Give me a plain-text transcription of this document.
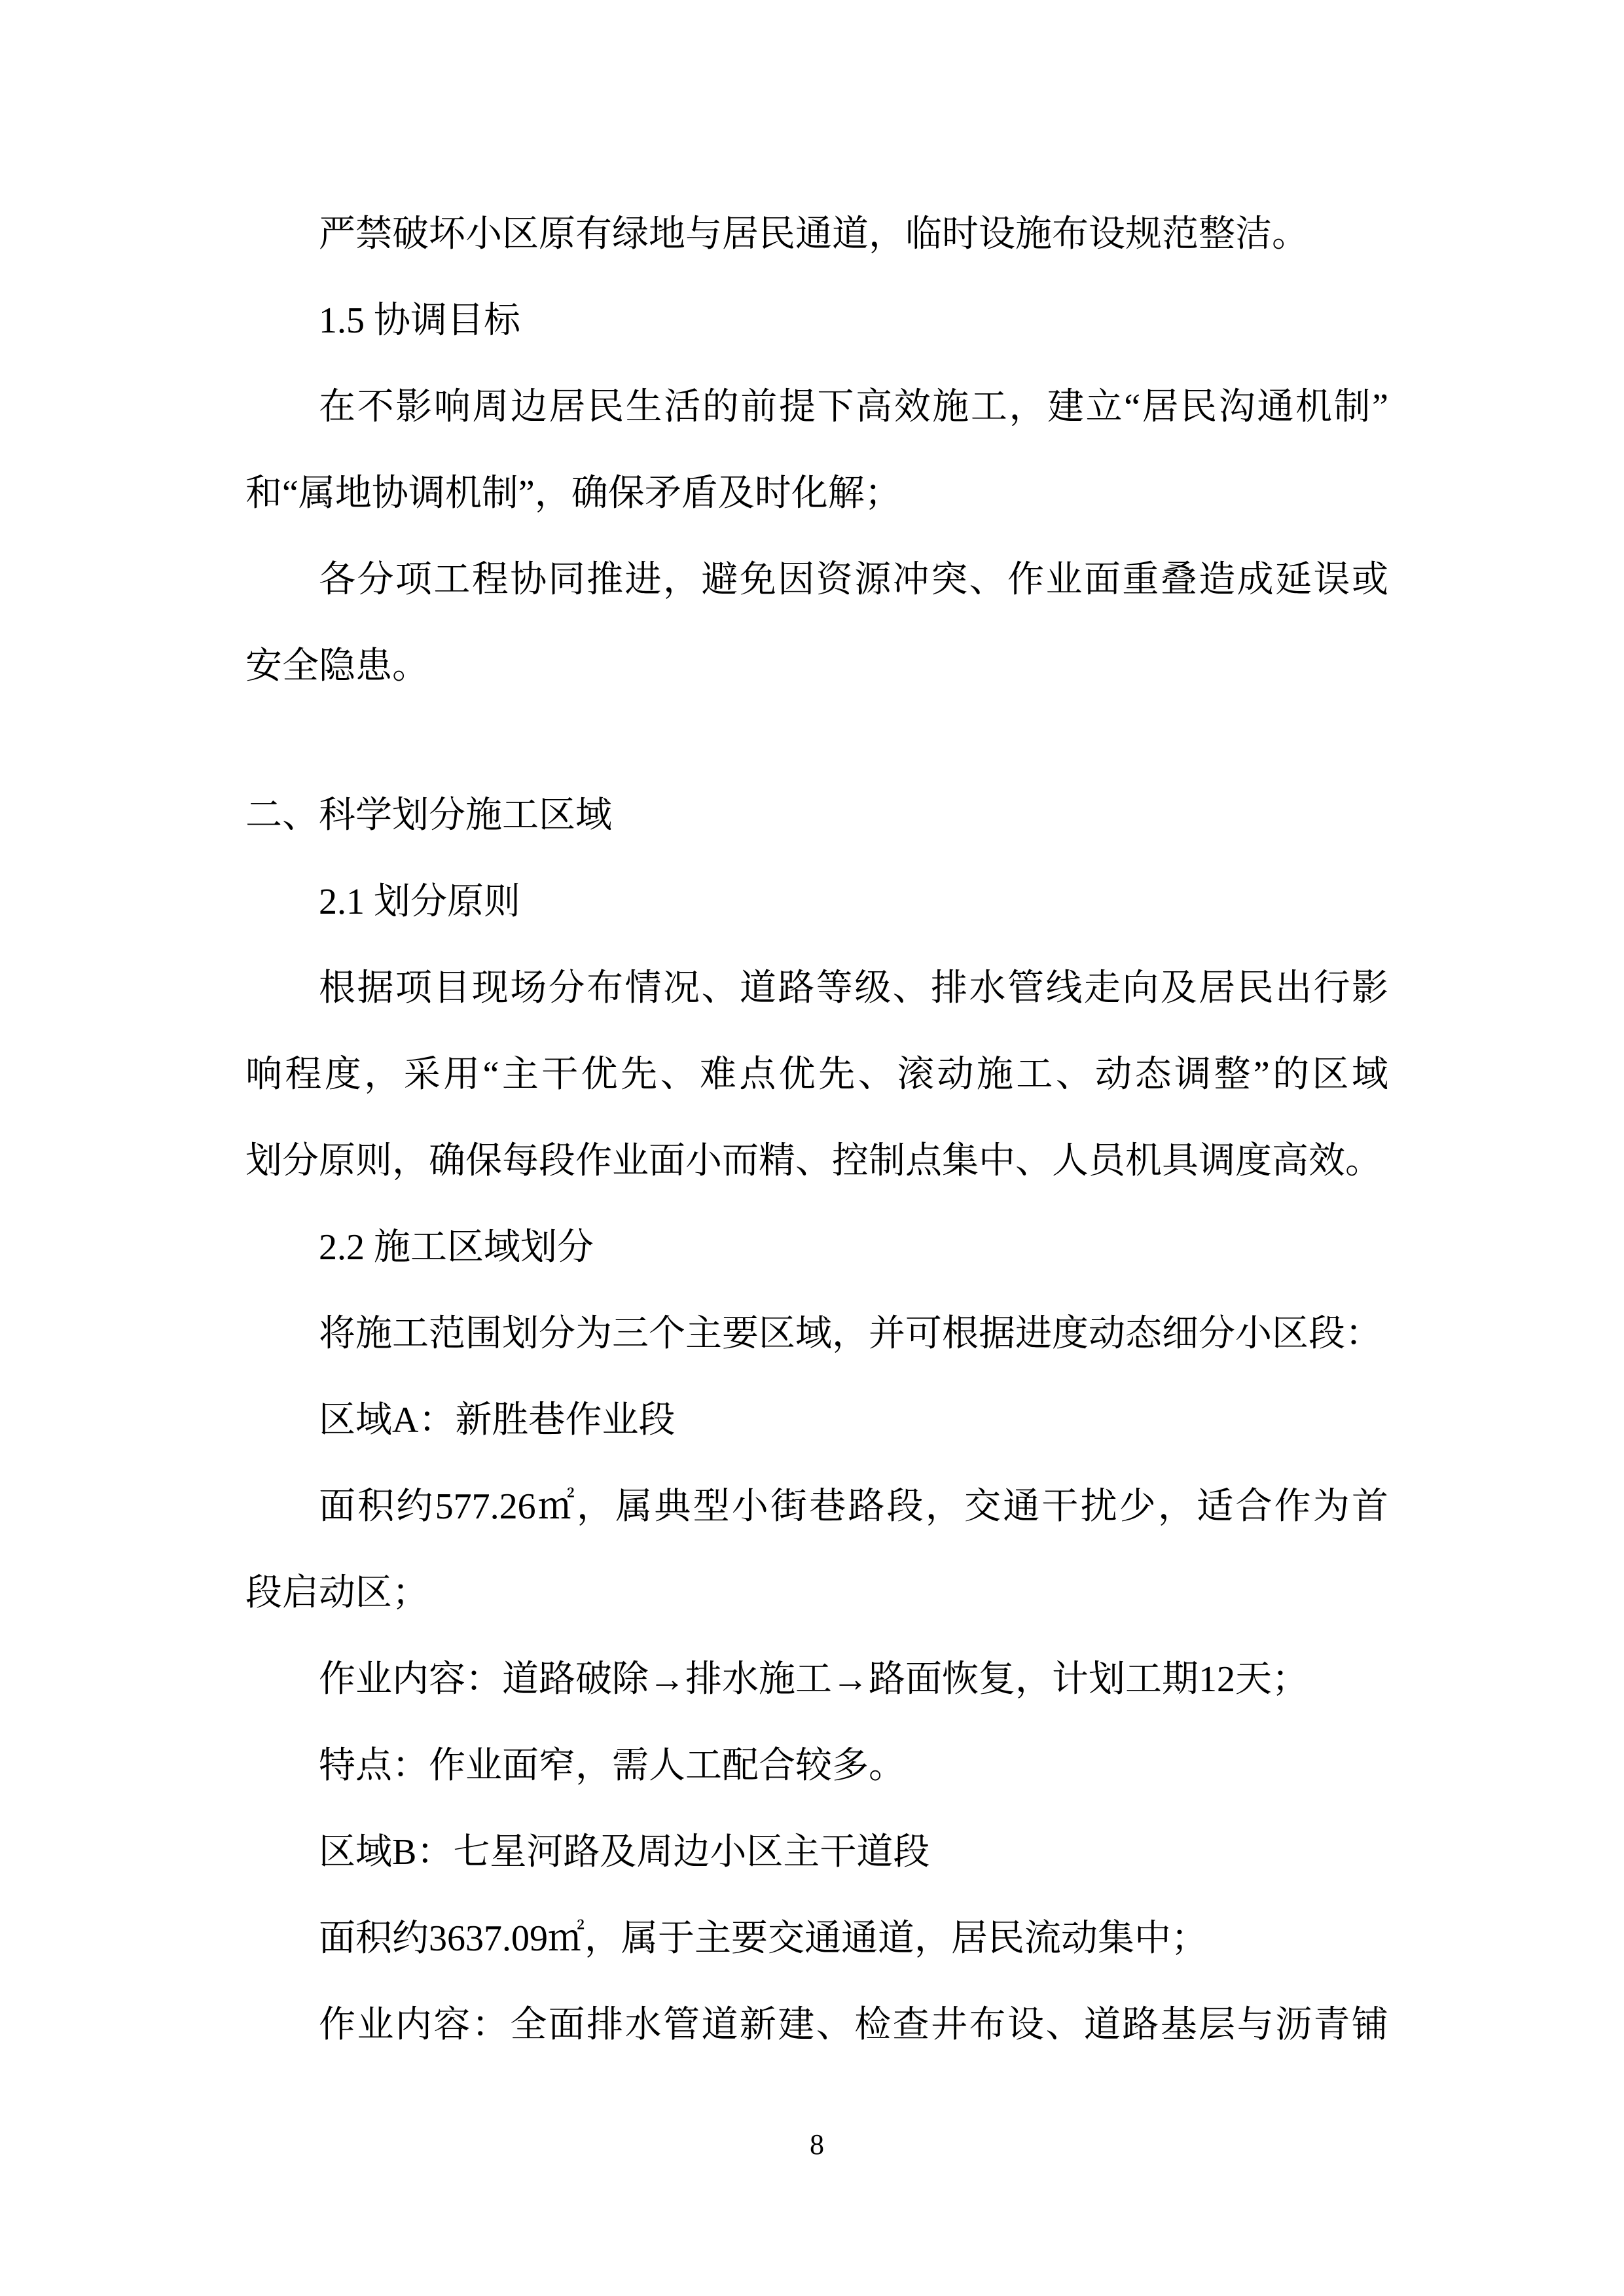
严禁破坏小区原有绿地与居民通道，临时设施布设规范整洁。
1.5 协调目标
在不影响周边居民生活的前提下高效施工，建立“居民沟通机制”
和“属地协调机制”，确保矛盾及时化解；
各分项工程协同推进，避免因资源冲突、作业面重叠造成延误或
安全隐患。
二、科学划分施工区域
2.1 划分原则
根据项目现场分布情况、道路等级、排水管线走向及居民出行影
响程度，采用“主干优先、难点优先、滚动施工、动态调整”的区域
划分原则，确保每段作业面小而精、控制点集中、人员机具调度高效。
2.2 施工区域划分
将施工范围划分为三个主要区域，并可根据进度动态细分小区段：
区域A：新胜巷作业段
面积约577.26㎡，属典型小街巷路段，交通干扰少，适合作为首
段启动区；
作业内容：道路破除→排水施工→路面恢复，计划工期12天；
特点：作业面窄，需人工配合较多。
区域B：七星河路及周边小区主干道段
面积约3637.09㎡，属于主要交通通道，居民流动集中；
作业内容：全面排水管道新建、检查井布设、道路基层与沥青铺
8
